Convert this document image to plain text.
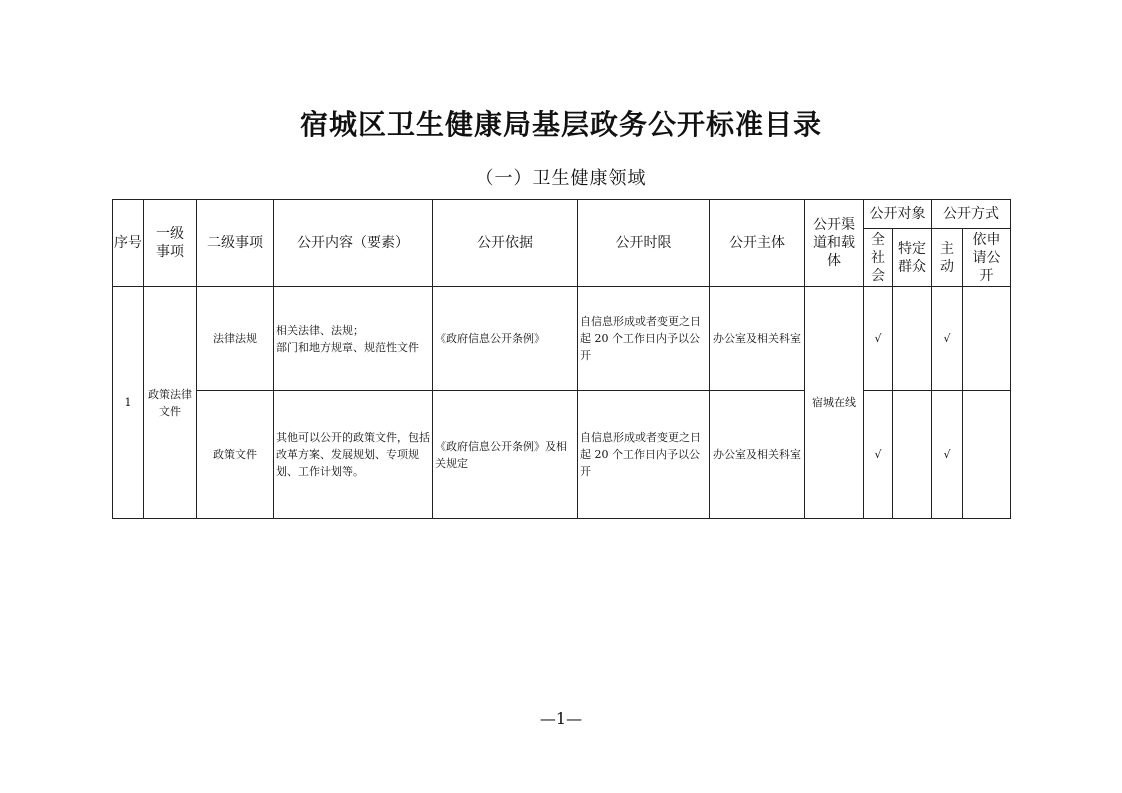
宿城区卫生健康局基层政务公开标准目录
（一）卫生健康领域
序号	一级事项	二级事项	公开内容（要素）	公开依据	公开时限	公开主体	公开渠道和载体	公开对象		公开方式	

								全社会	特定群众	主动	依申请公开

1	政策法律文件	法律法规	相关法律、法规；
部门和地方规章、规范性文件	《政府信息公开条例》	自信息形成或者变更之日起 20 个工作日内予以公开	办公室及相关科室	宿城在线	√		√	
		政策文件	其他可以公开的政策文件，包括改革方案、发展规划、专项规划、工作计划等。	《政府信息公开条例》及相关规定	自信息形成或者变更之日起 20 个工作日内予以公开	办公室及相关科室		√		√	
—1—
